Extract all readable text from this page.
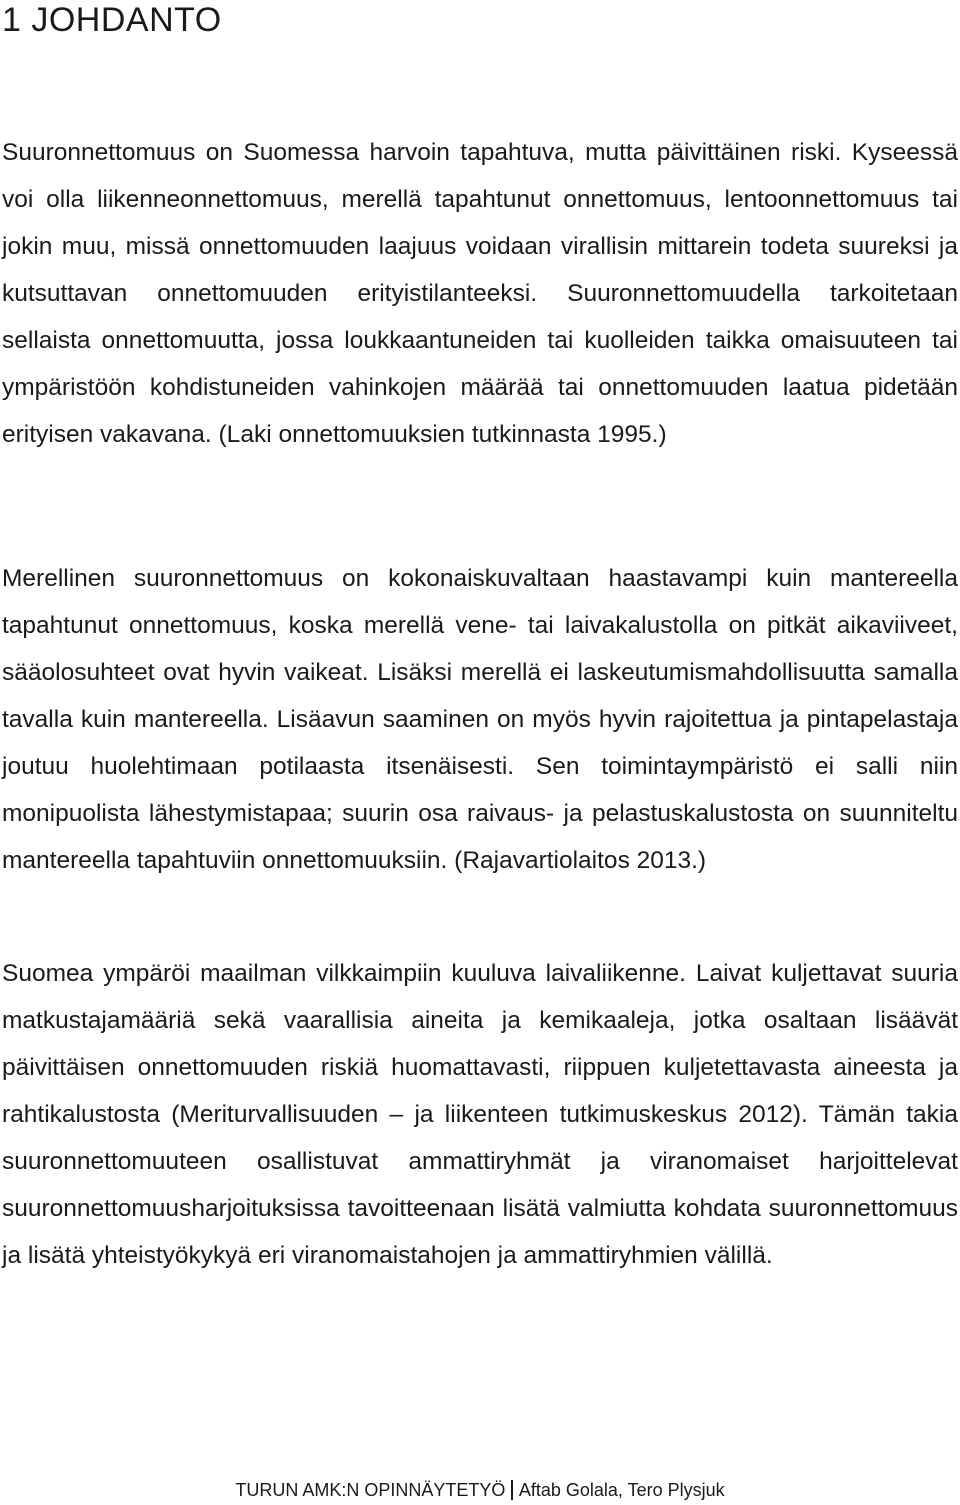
1 JOHDANTO

Suuronnettomuus on Suomessa harvoin tapahtuva, mutta päivittäinen riski. Kyseessä voi olla liikenneonnettomuus, merellä tapahtunut onnettomuus, lentoonnettomuus tai jokin muu, missä onnettomuuden laajuus voidaan virallisin mittarein todeta suureksi ja kutsuttavan onnettomuuden erityistilanteeksi. Suuronnettomuudella tarkoitetaan sellaista onnettomuutta, jossa loukkaantuneiden tai kuolleiden taikka omaisuuteen tai ympäristöön kohdistuneiden vahinkojen määrää tai onnettomuuden laatua pidetään erityisen vakavana. (Laki onnettomuuksien tutkinnasta 1995.)

Merellinen suuronnettomuus on kokonaiskuvaltaan haastavampi kuin mantereella tapahtunut onnettomuus, koska merellä vene- tai laivakalustolla on pitkät aikaviiveet, sääolosuhteet ovat hyvin vaikeat. Lisäksi merellä ei laskeutumismahdollisuutta samalla tavalla kuin mantereella. Lisäavun saaminen on myös hyvin rajoitettua ja pintapelastaja joutuu huolehtimaan potilaasta itsenäisesti. Sen toimintaympäristö ei salli niin monipuolista lähestymistapaa; suurin osa raivaus- ja pelastuskalustosta on suunniteltu mantereella tapahtuviin onnettomuuksiin. (Rajavartiolaitos 2013.)

Suomea ympäröi maailman vilkkaimpiin kuuluva laivaliikenne. Laivat kuljettavat suuria matkustajamääriä sekä vaarallisia aineita ja kemikaaleja, jotka osaltaan lisäävät päivittäisen onnettomuuden riskiä huomattavasti, riippuen kuljetettavasta aineesta ja rahtikalustosta (Meriturvallisuuden – ja liikenteen tutkimuskeskus 2012). Tämän takia suuronnettomuuteen osallistuvat ammattiryhmät ja viranomaiset harjoittelevat suuronnettomuusharjoituksissa tavoitteenaan lisätä valmiutta kohdata suuronnettomuus ja lisätä yhteistyökykyä eri viranomaistahojen ja ammattiryhmien välillä.

TURUN AMK:N OPINNÄYTETYÖ Aftab Golala, Tero Plysjuk
